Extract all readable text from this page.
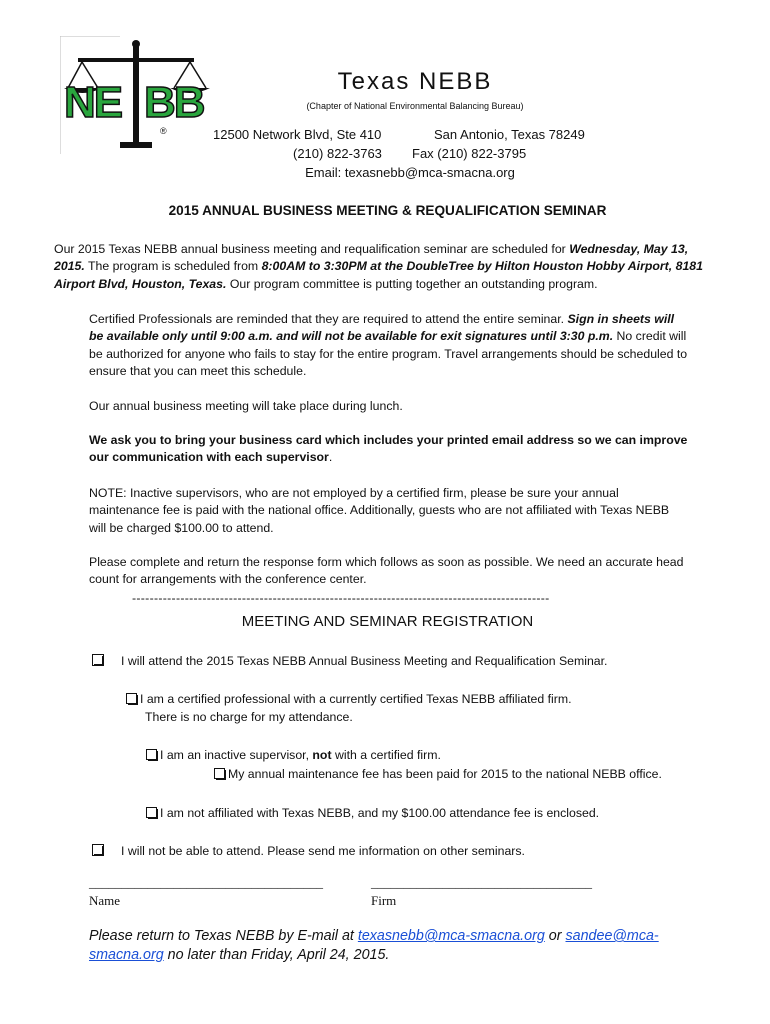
NE BB
®
Texas NEBB
(Chapter of National Environmental Balancing Bureau)
12500 Network Blvd, Ste 410	San Antonio, Texas 78249
(210) 822-3763 Fax (210) 822-3795
Email: texasnebb@mca-smacna.org
2015 ANNUAL BUSINESS MEETING & REQUALIFICATION SEMINAR

Our 2015 Texas NEBB annual business meeting and requalification seminar are scheduled for Wednesday, May 13, 2015. The program is scheduled from 8:00AM to 3:30PM at the DoubleTree by Hilton Houston Hobby Airport, 8181 Airport Blvd, Houston, Texas. Our program committee is putting together an outstanding program.

Certified Professionals are reminded that they are required to attend the entire seminar. Sign in sheets will be available only until 9:00 a.m. and will not be available for exit signatures until 3:30 p.m. No credit will be authorized for anyone who fails to stay for the entire program. Travel arrangements should be scheduled to ensure that you can meet this schedule.

Our annual business meeting will take place during lunch.

We ask you to bring your business card which includes your printed email address so we can improve our communication with each supervisor.

NOTE: Inactive supervisors, who are not employed by a certified firm, please be sure your annual maintenance fee is paid with the national office. Additionally, guests who are not affiliated with Texas NEBB will be charged $100.00 to attend.

Please complete and return the response form which follows as soon as possible. We need an accurate head count for arrangements with the conference center.

-----------------------------------------------------------------------------------------------
MEETING AND SEMINAR REGISTRATION
I will attend the 2015 Texas NEBB Annual Business Meeting and Requalification Seminar.
I am a certified professional with a currently certified Texas NEBB affiliated firm.
There is no charge for my attendance.
I am an inactive supervisor, not with a certified firm.
My annual maintenance fee has been paid for 2015 to the national NEBB office.
I am not affiliated with Texas NEBB, and my $100.00 attendance fee is enclosed.
I will not be able to attend. Please send me information on other seminars.
____________________________________	__________________________________
Name	Firm

Please return to Texas NEBB by E-mail at texasnebb@mca-smacna.org or sandee@mca-smacna.org no later than Friday, April 24, 2015.
